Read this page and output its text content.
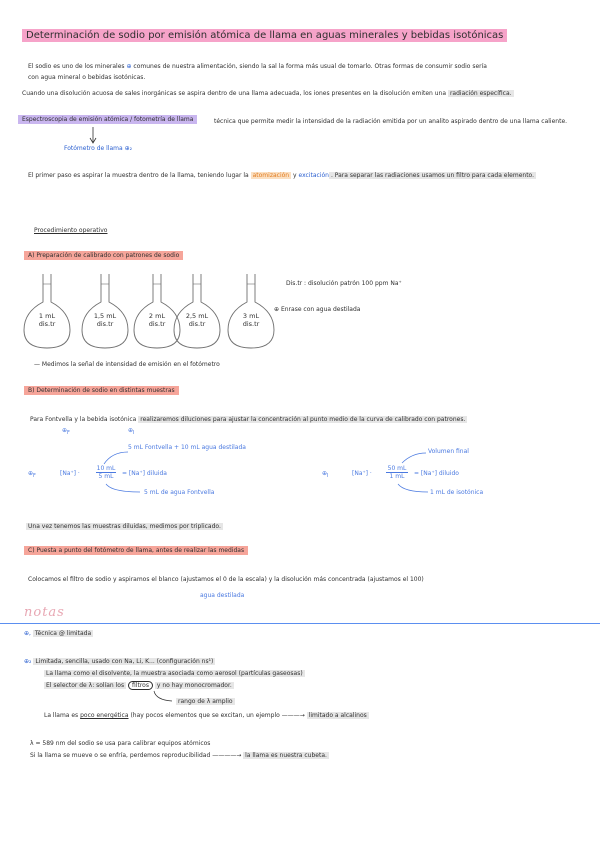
Determinación de sodio por emisión atómica de llama en aguas minerales y bebidas isotónicas
El sodio es uno de los minerales ⊕ comunes de nuestra alimentación, siendo la sal la forma más usual de tomarlo. Otras formas de consumir sodio sería
con agua mineral o bebidas isotónicas.
Cuando una disolución acuosa de sales inorgánicas se aspira dentro de una llama adecuada, los iones presentes en la disolución emiten una radiación específica.
Espectroscopia de emisión atómica / fotometría de llama	técnica que permite medir la intensidad de la radiación emitida por un analito aspirado dentro de una llama caliente.
Fotómetro de llama ⊕₂
El primer paso es aspirar la muestra dentro de la llama, teniendo lugar la atomización y excitación . Para separar las radiaciones usamos un filtro para cada elemento.
Procedimiento operativo
A) Preparación de calibrado con patrones de sodio
1 mL
dis.tr
1,5 mL
dis.tr
2 mL
dis.tr
2,5 mL
dis.tr
3 mL
dis.tr
Dis.tr : disolución patrón 100 ppm Na⁺
⊕ Enrase con agua destilada
— Medimos la señal de intensidad de emisión en el fotómetro
B) Determinación de sodio en distintas muestras
Para Fontvella y la bebida isotónica realizaremos diluciones para ajustar la concentración al punto medio de la curva de calibrado con patrones.
$\oplus_F$	$\oplus_I$
5 mL Fontvella + 10 mL agua destilada
$\oplus_F$	[Na⁺] ·
10 mL
5 mL	= [Na⁺] diluida
5 mL de agua Fontvella
Volumen final
$\oplus_I$	[Na⁺] ·
50 mL
1 mL	= [Na⁺] diluido
1 mL de isotónica
Una vez tenemos las muestras diluidas, medimos por triplicado.
C) Puesta a punto del fotómetro de llama, antes de realizar las medidas
Colocamos el filtro de sodio y aspiramos el blanco (ajustamos el 0 de la escala) y la disolución más concentrada (ajustamos el 100)
agua destilada
notas
⊕, Técnica @ limitada
⊕₂ Limitada, sencilla, usado con Na, Li, K... (configuración ns¹)
La llama como el disolvente, la muestra asociada como aerosol (partículas gaseosas)
El selector de λ: solían los filtros y no hay monocromador.
rango de λ amplio
La llama es poco energética (hay pocos elementos que se excitan, un ejemplo ———→ limitado a alcalinos
λ = 589 nm del sodio se usa para calibrar equipos atómicos
Si la llama se mueve o se enfría, perdemos reproducibilidad ————→ la llama es nuestra cubeta.
